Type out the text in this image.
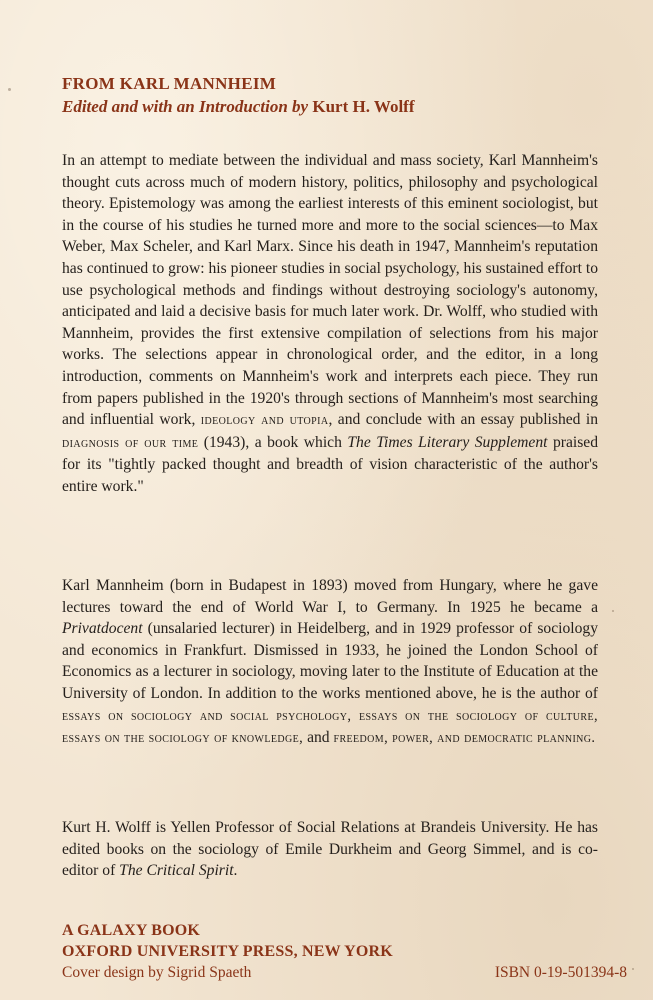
FROM KARL MANNHEIM
Edited and with an Introduction by Kurt H. Wolff
In an attempt to mediate between the individual and mass society, Karl Mannheim's thought cuts across much of modern history, politics, philosophy and psychological theory. Epistemology was among the earliest interests of this eminent sociologist, but in the course of his studies he turned more and more to the social sciences—to Max Weber, Max Scheler, and Karl Marx. Since his death in 1947, Mannheim's reputation has continued to grow: his pioneer studies in social psychology, his sustained effort to use psychological methods and findings without destroying sociology's autonomy, anticipated and laid a decisive basis for much later work. Dr. Wolff, who studied with Mannheim, provides the first extensive compilation of selections from his major works. The selections appear in chronological order, and the editor, in a long introduction, comments on Mannheim's work and interprets each piece. They run from papers published in the 1920's through sections of Mannheim's most searching and influential work, ideology and utopia, and conclude with an essay published in diagnosis of our time (1943), a book which The Times Literary Supplement praised for its "tightly packed thought and breadth of vision characteristic of the author's entire work."
Karl Mannheim (born in Budapest in 1893) moved from Hungary, where he gave lectures toward the end of World War I, to Germany. In 1925 he became a Privatdocent (unsalaried lecturer) in Heidelberg, and in 1929 professor of sociology and economics in Frankfurt. Dismissed in 1933, he joined the London School of Economics as a lecturer in sociology, moving later to the Institute of Education at the University of London. In addition to the works mentioned above, he is the author of essays on sociology and social psychology, essays on the sociology of culture, essays on the sociology of knowledge, and freedom, power, and democratic planning.
Kurt H. Wolff is Yellen Professor of Social Relations at Brandeis University. He has edited books on the sociology of Emile Durkheim and Georg Simmel, and is co-editor of The Critical Spirit.
A GALAXY BOOK
OXFORD UNIVERSITY PRESS, NEW YORK
Cover design by Sigrid Spaeth	ISBN 0-19-501394-8
